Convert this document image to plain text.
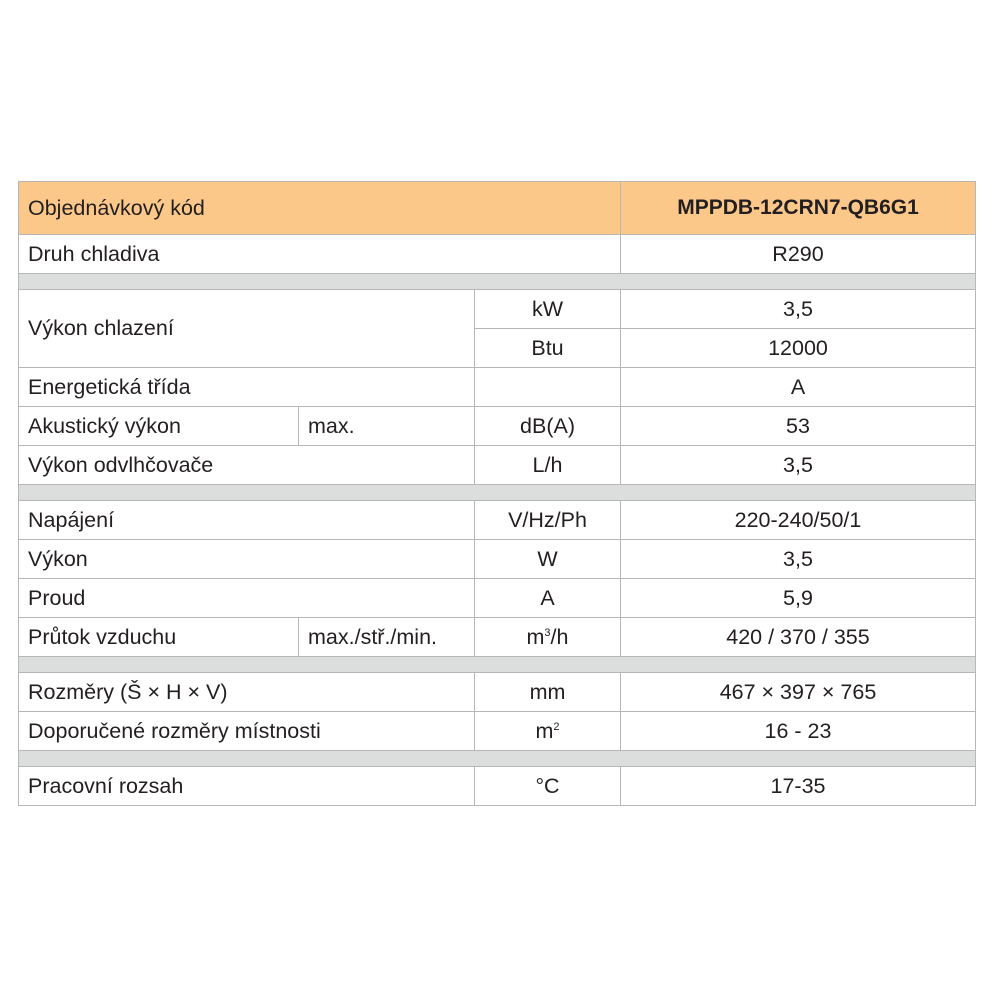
Objednávkový kód			MPPDB-12CRN7-QB6G1
Druh chladiva			R290

Výkon chlazení		kW	3,5
		Btu	12000
Energetická třída			A
Akustický výkon	max.	dB(A)	53
Výkon odvlhčovače		L/h	3,5

Napájení		V/Hz/Ph	220-240/50/1
Výkon		W	3,5
Proud		A	5,9
Průtok vzduchu	max./stř./min.	$m^3/h$	420 / 370 / 355

Rozměry (Š × H × V)		mm	467 × 397 × 765
Doporučené rozměry místnosti		$m^2$	16 - 23

Pracovní rozsah		°C	17-35
